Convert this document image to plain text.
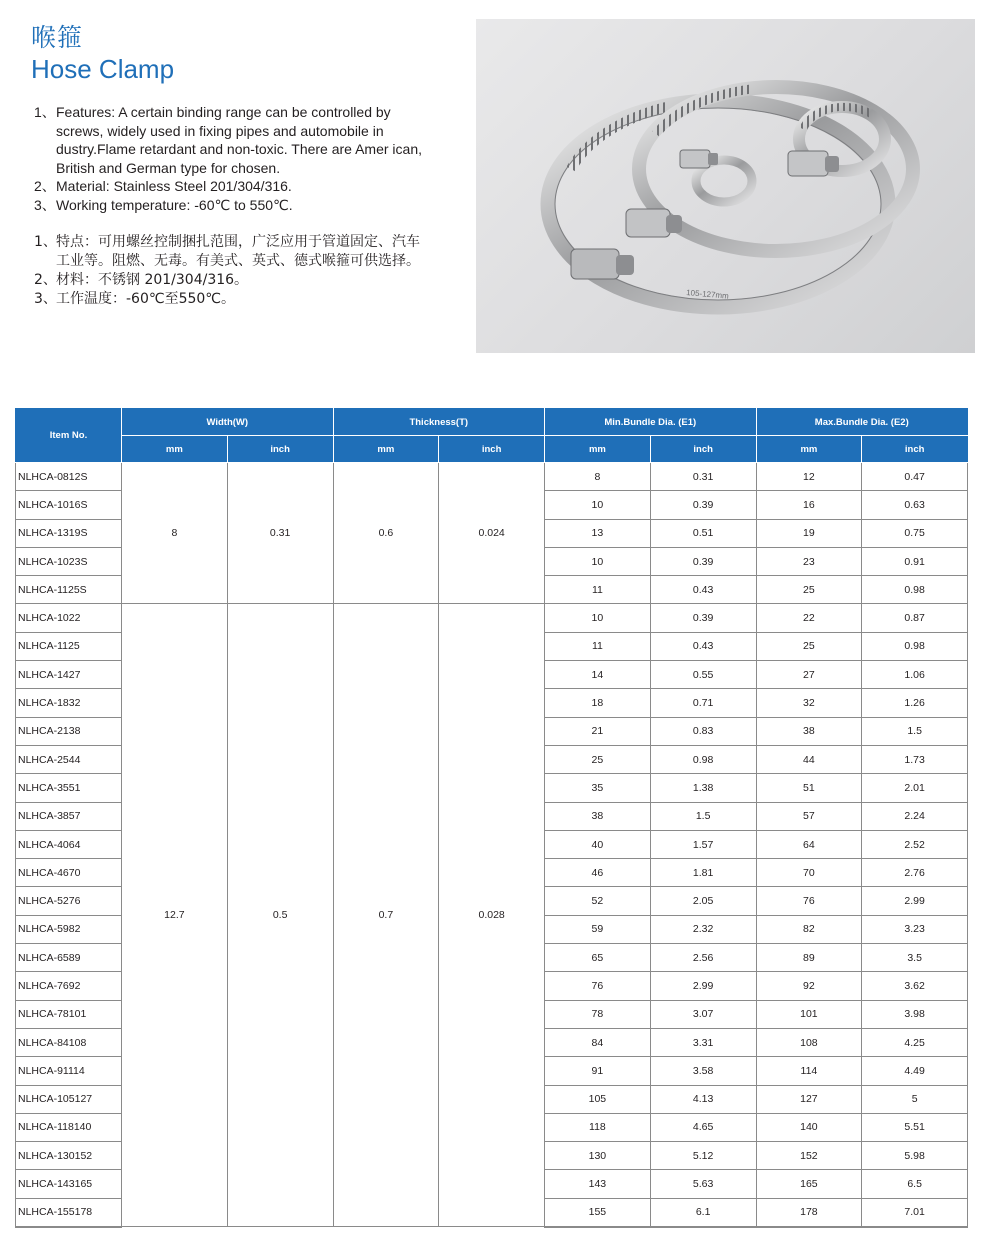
喉箍
Hose Clamp
1、 Features: A certain binding range can be controlled by screws, widely used in fixing pipes and automobile in dustry.Flame retardant and non-toxic. There are Amer ican, British and German type for chosen.
2、 Material: Stainless Steel 201/304/316.
3、 Working temperature: -60℃ to 550℃.
1、 特点：可用螺丝控制捆扎范围，广泛应用于管道固定、汽车工业等。阻燃、无毒。有美式、英式、德式喉箍可供选择。
2、 材料：不锈钢 201/304/316。
3、 工作温度：-60℃至550℃。	105-127mm
Item No.	Width(W)		Thickness(T)		Min.Bundle Dia. (E1)		Max.Bundle Dia. (E2)	
	mm	inch	mm	inch	mm	inch	mm	inch
NLHCA-0812S	8	0.31	0.6	0.024	8	0.31	12	0.47
NLHCA-1016S					10	0.39	16	0.63
NLHCA-1319S					13	0.51	19	0.75
NLHCA-1023S					10	0.39	23	0.91
NLHCA-1125S					11	0.43	25	0.98
NLHCA-1022	12.7	0.5	0.7	0.028	10	0.39	22	0.87
NLHCA-1125					11	0.43	25	0.98
NLHCA-1427					14	0.55	27	1.06
NLHCA-1832					18	0.71	32	1.26
NLHCA-2138					21	0.83	38	1.5
NLHCA-2544					25	0.98	44	1.73
NLHCA-3551					35	1.38	51	2.01
NLHCA-3857					38	1.5	57	2.24
NLHCA-4064					40	1.57	64	2.52
NLHCA-4670					46	1.81	70	2.76
NLHCA-5276					52	2.05	76	2.99
NLHCA-5982					59	2.32	82	3.23
NLHCA-6589					65	2.56	89	3.5
NLHCA-7692					76	2.99	92	3.62
NLHCA-78101					78	3.07	101	3.98
NLHCA-84108					84	3.31	108	4.25
NLHCA-91114					91	3.58	114	4.49
NLHCA-105127					105	4.13	127	5
NLHCA-118140					118	4.65	140	5.51
NLHCA-130152					130	5.12	152	5.98
NLHCA-143165					143	5.63	165	6.5
NLHCA-155178					155	6.1	178	7.01
